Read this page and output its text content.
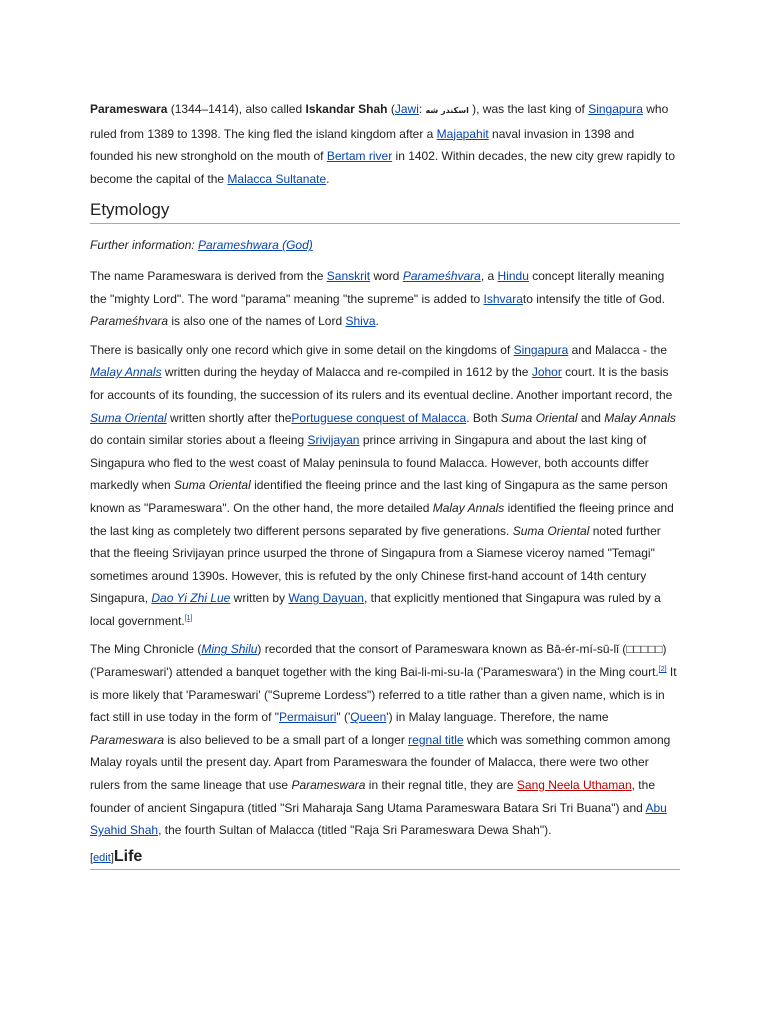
Parameswara (1344–1414), also called Iskandar Shah (Jawi: اسكندر شه ), was the last king of Singapura who ruled from 1389 to 1398. The king fled the island kingdom after a Majapahit naval invasion in 1398 and founded his new stronghold on the mouth of Bertam river in 1402. Within decades, the new city grew rapidly to become the capital of the Malacca Sultanate.

Etymology

Further information: Parameshwara (God)

The name Parameswara is derived from the Sanskrit word Parameśhvara, a Hindu concept literally meaning the "mighty Lord". The word "parama" meaning "the supreme" is added to Ishvarato intensify the title of God. Parameśhvara is also one of the names of Lord Shiva.

There is basically only one record which give in some detail on the kingdoms of Singapura and Malacca - the Malay Annals written during the heyday of Malacca and re-compiled in 1612 by the Johor court. It is the basis for accounts of its founding, the succession of its rulers and its eventual decline. Another important record, the Suma Oriental written shortly after thePortuguese conquest of Malacca. Both Suma Oriental and Malay Annals do contain similar stories about a fleeing Srivijayan prince arriving in Singapura and about the last king of Singapura who fled to the west coast of Malay peninsula to found Malacca. However, both accounts differ markedly when Suma Oriental identified the fleeing prince and the last king of Singapura as the same person known as "Parameswara". On the other hand, the more detailed Malay Annals identified the fleeing prince and the last king as completely two different persons separated by five generations. Suma Oriental noted further that the fleeing Srivijayan prince usurped the throne of Singapura from a Siamese viceroy named "Temagi" sometimes around 1390s. However, this is refuted by the only Chinese first-hand account of 14th century Singapura, Dao Yi Zhi Lue written by Wang Dayuan, that explicitly mentioned that Singapura was ruled by a local government.[1]

The Ming Chronicle (Ming Shilu) recorded that the consort of Parameswara known as Bā-ér-mí-sū-lǐ (□□□□□) ('Parameswari') attended a banquet together with the king Bai-li-mi-su-la ('Parameswara') in the Ming court.[2] It is more likely that 'Parameswari' ("Supreme Lordess") referred to a title rather than a given name, which is in fact still in use today in the form of "Permaisuri" ('Queen') in Malay language. Therefore, the name Parameswara is also believed to be a small part of a longer regnal title which was something common among Malay royals until the present day. Apart from Parameswara the founder of Malacca, there were two other rulers from the same lineage that use Parameswara in their regnal title, they are Sang Neela Uthaman, the founder of ancient Singapura (titled "Sri Maharaja Sang Utama Parameswara Batara Sri Tri Buana") and Abu Syahid Shah, the fourth Sultan of Malacca (titled "Raja Sri Parameswara Dewa Shah").

[edit]Life
